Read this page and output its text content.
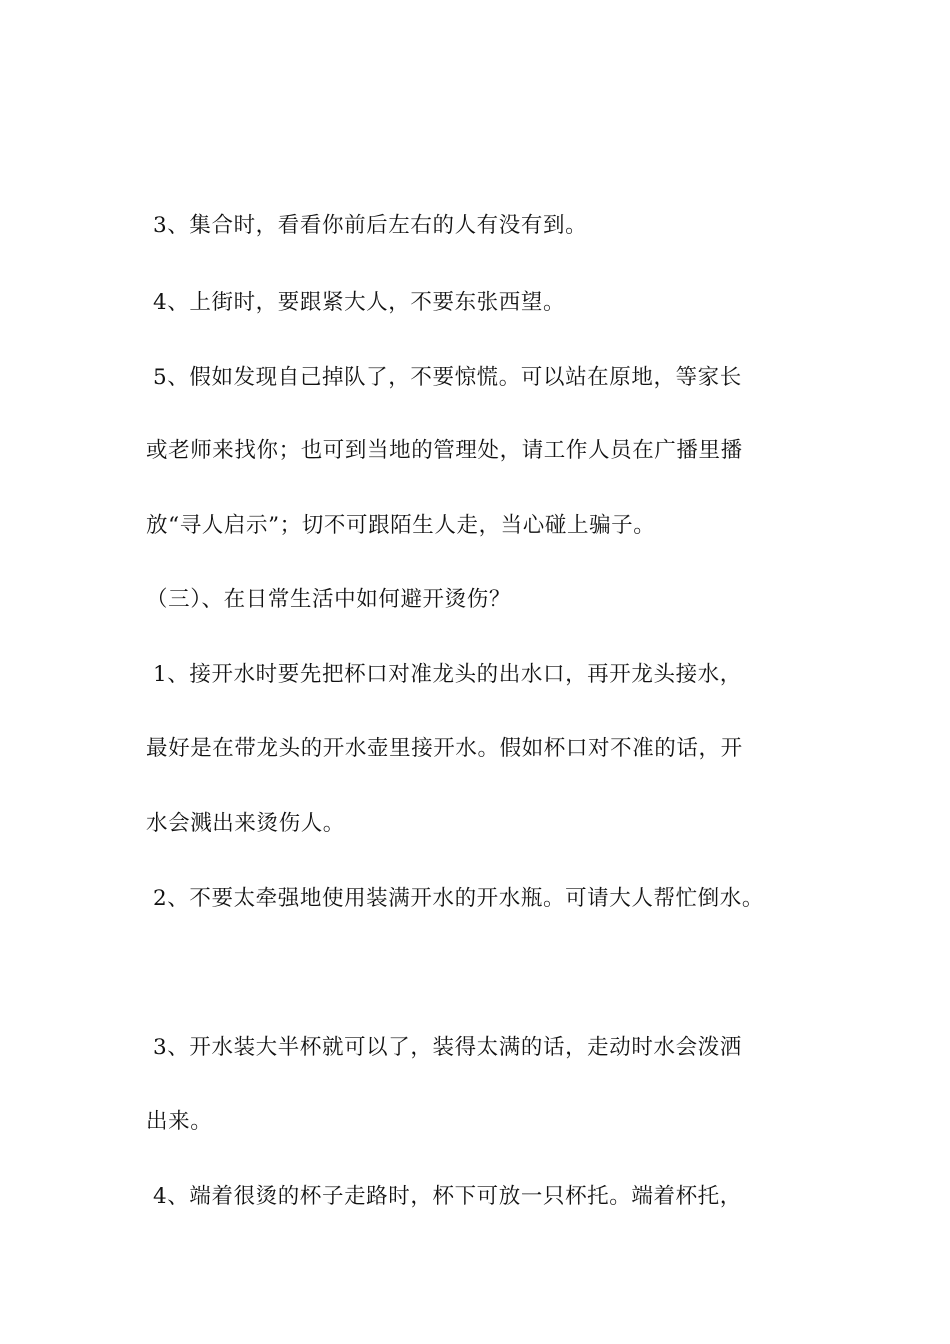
3、集合时，看看你前后左右的人有没有到。
4、上街时，要跟紧大人，不要东张西望。
5、假如发现自己掉队了，不要惊慌。可以站在原地，等家长
或老师来找你；也可到当地的管理处，请工作人员在广播里播
放“寻人启示”；切不可跟陌生人走，当心碰上骗子。
（三）、在日常生活中如何避开烫伤？
1、接开水时要先把杯口对准龙头的出水口，再开龙头接水，
最好是在带龙头的开水壶里接开水。假如杯口对不准的话，开
水会溅出来烫伤人。
2、不要太牵强地使用装满开水的开水瓶。可请大人帮忙倒水。
3、开水装大半杯就可以了，装得太满的话，走动时水会泼洒
出来。
4、端着很烫的杯子走路时，杯下可放一只杯托。端着杯托，
